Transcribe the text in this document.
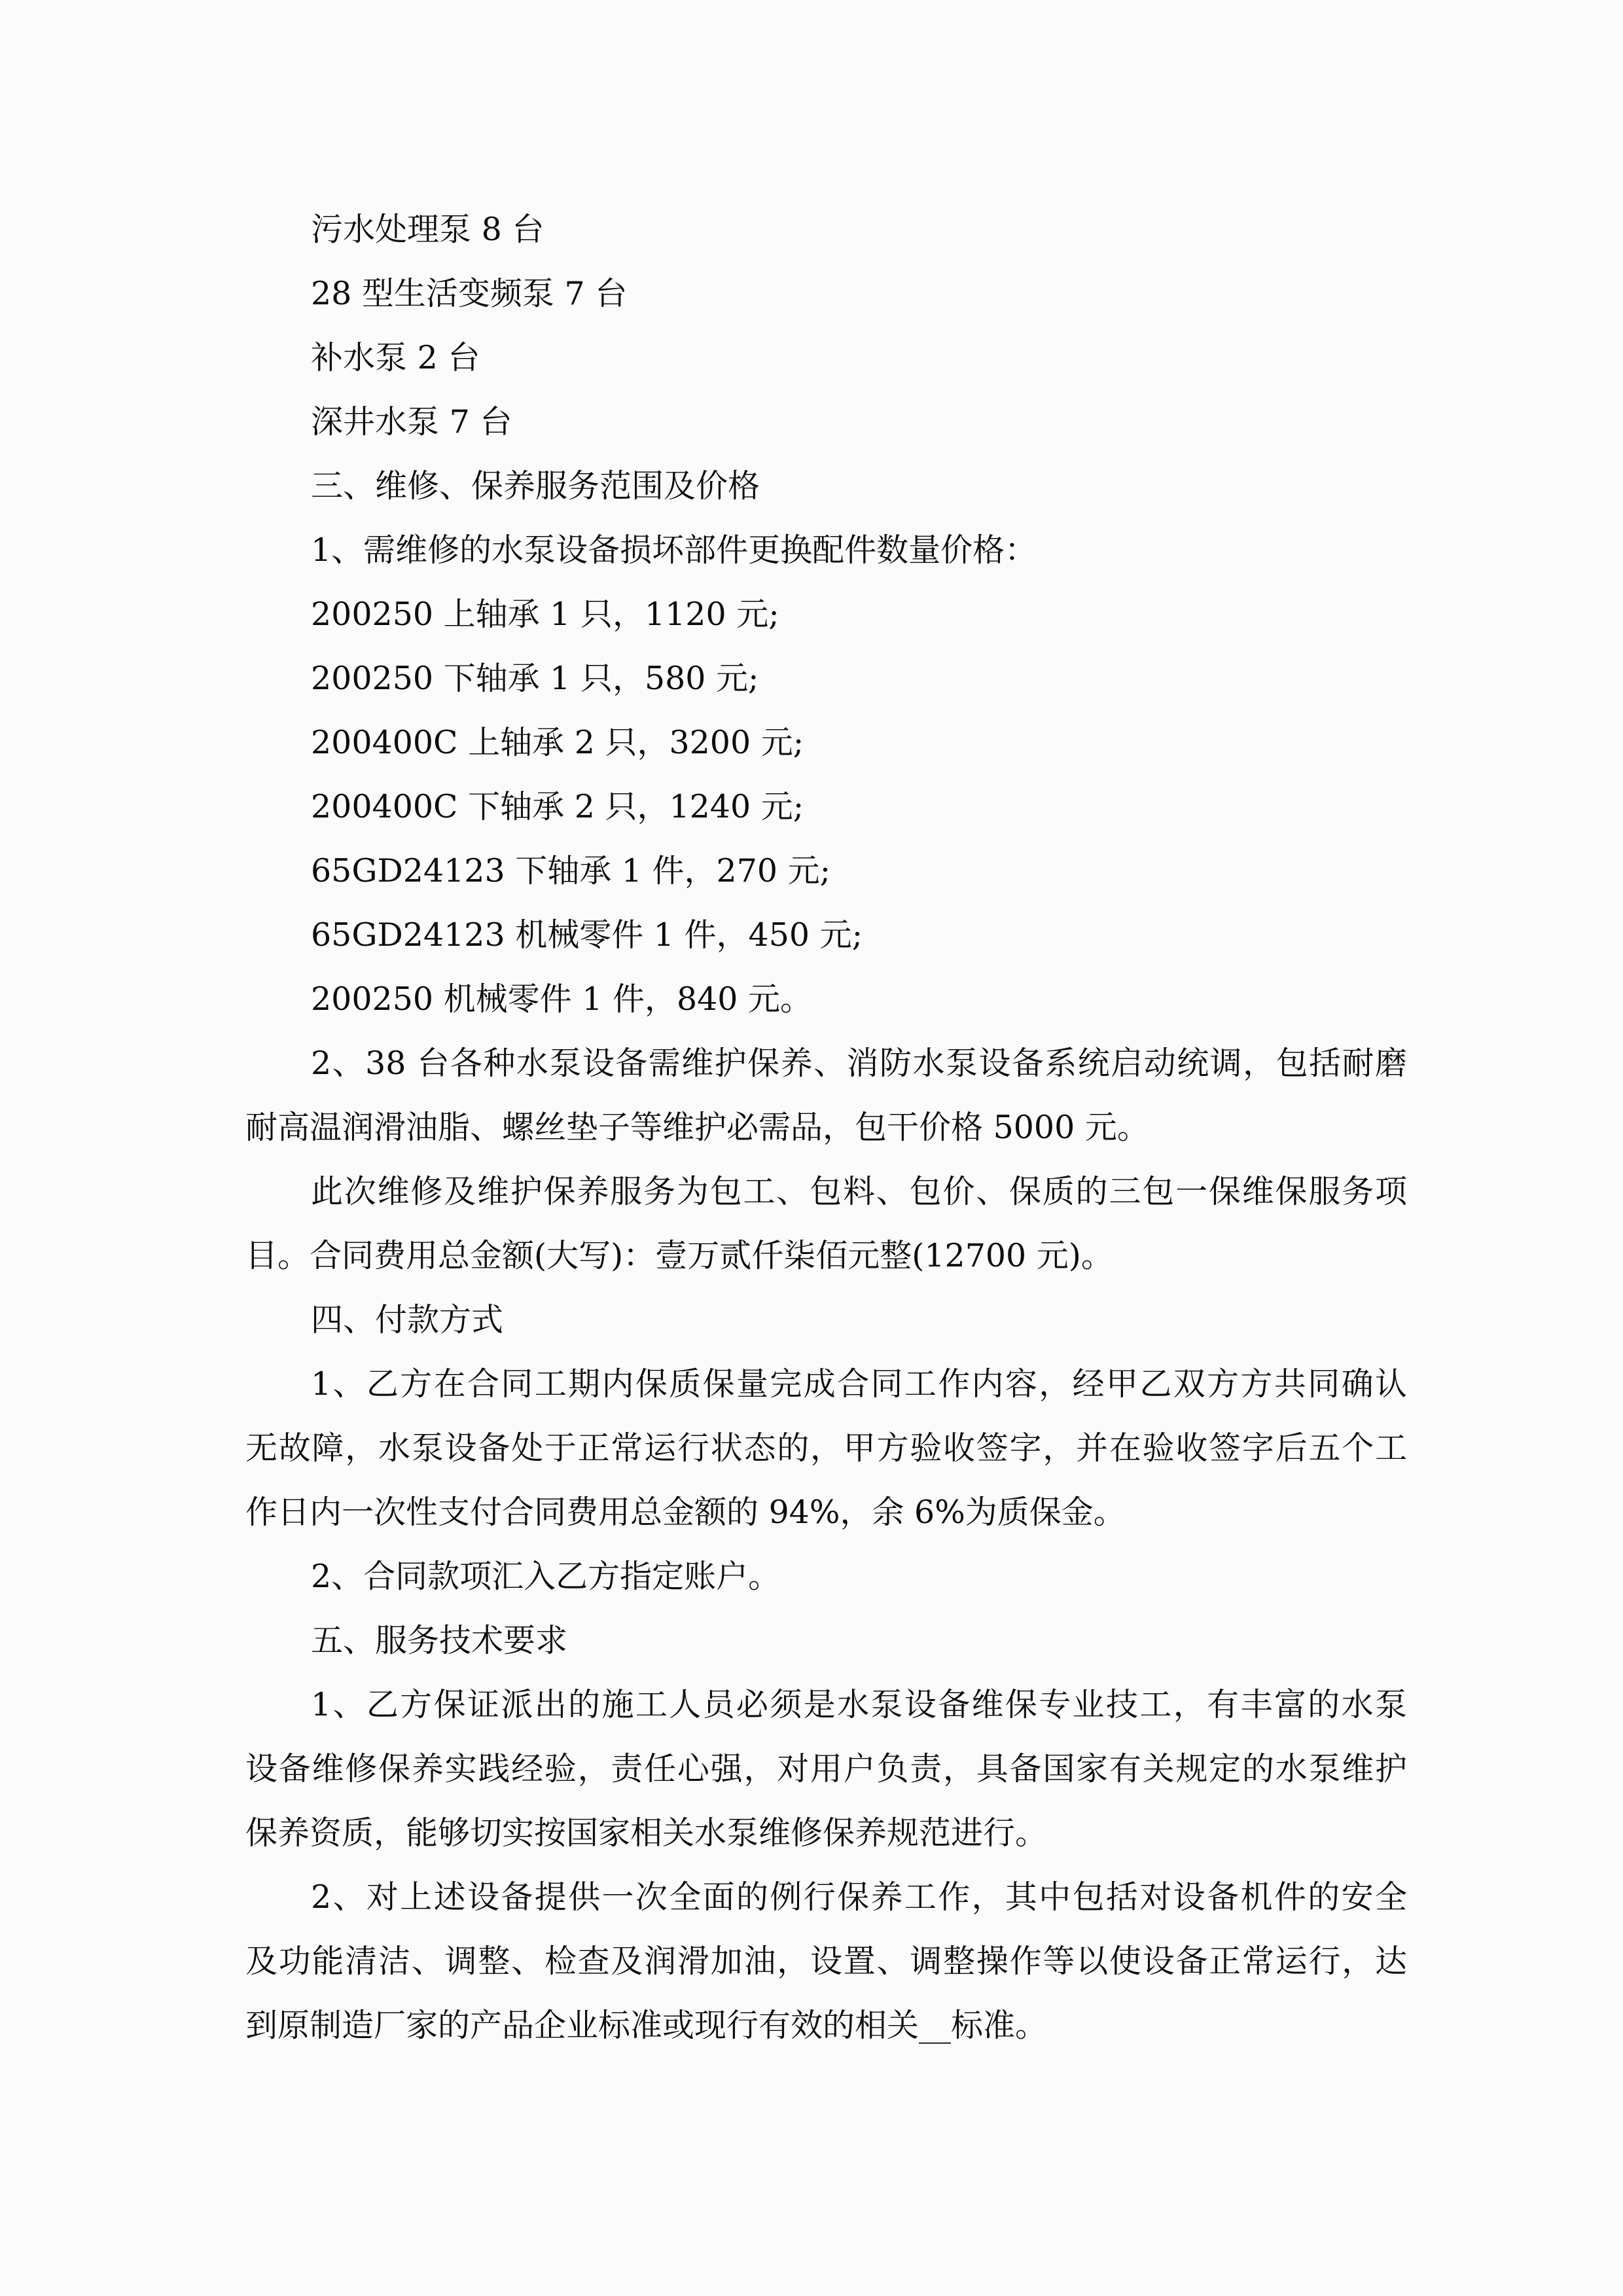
污水处理泵 8 台
28 型生活变频泵 7 台
补水泵 2 台
深井水泵 7 台
三、维修、保养服务范围及价格
1、需维修的水泵设备损坏部件更换配件数量价格：
200250 上轴承 1 只，1120 元;
200250 下轴承 1 只，580 元;
200400C 上轴承 2 只，3200 元;
200400C 下轴承 2 只，1240 元;
65GD24123 下轴承 1 件，270 元;
65GD24123 机械零件 1 件，450 元;
200250 机械零件 1 件，840 元。
2、38 台各种水泵设备需维护保养、消防水泵设备系统启动统调，包括耐磨
耐高温润滑油脂、螺丝垫子等维护必需品，包干价格 5000 元。
此次维修及维护保养服务为包工、包料、包价、保质的三包一保维保服务项
目。合同费用总金额(大写)：壹万贰仟柒佰元整(12700 元)。
四、付款方式
1、乙方在合同工期内保质保量完成合同工作内容，经甲乙双方方共同确认
无故障，水泵设备处于正常运行状态的，甲方验收签字，并在验收签字后五个工
作日内一次性支付合同费用总金额的 94%，余 6%为质保金。
2、合同款项汇入乙方指定账户。
五、服务技术要求
1、乙方保证派出的施工人员必须是水泵设备维保专业技工，有丰富的水泵
设备维修保养实践经验，责任心强，对用户负责，具备国家有关规定的水泵维护
保养资质，能够切实按国家相关水泵维修保养规范进行。
2、对上述设备提供一次全面的例行保养工作，其中包括对设备机件的安全
及功能清洁、调整、检查及润滑加油，设置、调整操作等以使设备正常运行，达
到原制造厂家的产品企业标准或现行有效的相关__标准。
